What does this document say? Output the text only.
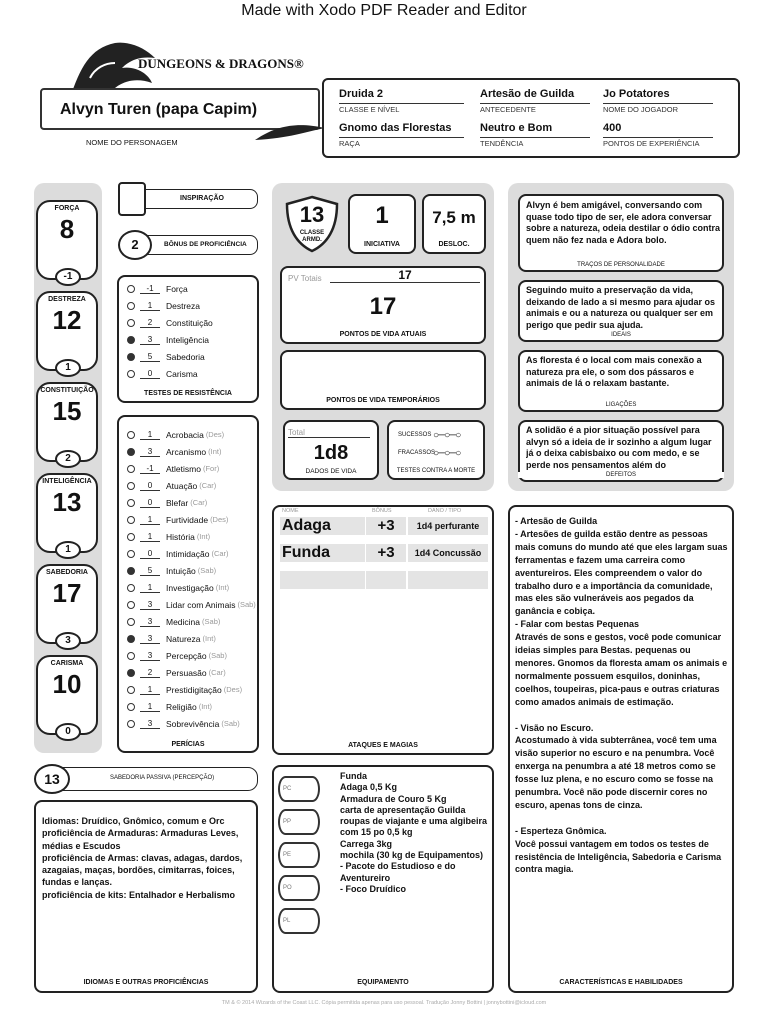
Made with Xodo PDF Reader and Editor
DUNGEONS & DRAGONS®
Alvyn Turen (papa Capim)
NOME DO PERSONAGEM
Druida 2
CLASSE E NÍVEL
Artesão de Guilda
ANTECEDENTE
Jo Potatores
NOME DO JOGADOR
Gnomo das Florestas
RAÇA
Neutro e Bom
TENDÊNCIA
400
PONTOS DE EXPERIÊNCIA
FORÇA
8
-1
DESTREZA
12
1
CONSTITUIÇÃO
15
2
INTELIGÊNCIA
13
1
SABEDORIA
17
3
CARISMA
10
0
INSPIRAÇÃO
2	BÔNUS DE PROFICIÊNCIA
-1	Força
1	Destreza
2	Constituição
3	Inteligência
5	Sabedoria
0	Carisma
TESTES DE RESISTÊNCIA
1	Acrobacia (Des)
3	Arcanismo (Int)
-1	Atletismo (For)
0	Atuação (Car)
0	Blefar (Car)
1	Furtividade (Des)
1	História (Int)
0	Intimidação (Car)
5	Intuição (Sab)
1	Investigação (Int)
3	Lidar com Animais (Sab)
3	Medicina (Sab)
3	Natureza (Int)
3	Percepção (Sab)
2	Persuasão (Car)
1	Prestidigitação (Des)
1	Religião (Int)
3	Sobrevivência (Sab)
PERÍCIAS
13	SABEDORIA PASSIVA (PERCEPÇÃO)
Idiomas: Druídico, Gnômico, comum e Orc
proficiência de Armaduras: Armaduras Leves, médias e Escudos
proficiência de Armas: clavas, adagas, dardos, azagaias, maças, bordões, cimitarras, foices, fundas e lanças.
proficiência de kits: Entalhador e Herbalismo
IDIOMAS E OUTRAS PROFICIÊNCIAS
13
CLASSE ARMD.
1
INICIATIVA
7,5 m
DESLOC.
PV Totais	17
17
PONTOS DE VIDA ATUAIS
PONTOS DE VIDA TEMPORÁRIOS
Total
1d8
DADOS DE VIDA
SUCESSOS ○─○─○
FRACASSOS
○─○─○
TESTES CONTRA A MORTE
NOME	BÔNUS	DANO / TIPO
Adaga	+3	1d4 perfurante
Funda	+3	1d4 Concussão
ATAQUES E MAGIAS
PC
PP
PE
PO
PL
Funda
Adaga 0,5 Kg
Armadura de Couro 5 Kg
carta de apresentação Guilda
roupas de viajante e uma algibeira com 15 po 0,5 kg
Carrega 3kg
mochila (30 kg de Equipamentos)
- Pacote do Estudioso e do Aventureiro
- Foco Druídico
EQUIPAMENTO
Alvyn é bem amigável, conversando com quase todo tipo de ser, ele adora conversar sobre a natureza, odeia destilar o ódio contra quem não fez nada e Adora bolo.
TRAÇOS DE PERSONALIDADE
Seguindo muito a preservação da vida, deixando de lado a si mesmo para ajudar os animais e ou a natureza ou qualquer ser em perigo que pedir sua ajuda.
IDEAIS
As floresta é o local com mais conexão a natureza pra ele, o som dos pássaros e animais de lá o relaxam bastante.
LIGAÇÕES
A solidão é a pior situação possível para alvyn só a ideia de ir sozinho a algum lugar já o deixa cabisbaixo ou com medo, e se perde nos pensamentos além do
DEFEITOS
- Artesão de Guilda
- Artesões de guilda estão dentre as pessoas mais comuns do mundo até que eles largam suas ferramentas e fazem uma carreira como aventureiros. Eles compreendem o valor do trabalho duro e a importância da comunidade, mas eles são vulneráveis aos pegados da ganância e cobiça.
- Falar com bestas Pequenas
Através de sons e gestos, você pode comunicar ideias simples para Bestas. pequenas ou menores. Gnomos da floresta amam os animais e normalmente possuem esquilos, doninhas, coelhos, toupeiras, pica-paus e outras criaturas como amados animais de estimação.

- Visão no Escuro.
Acostumado à vida subterrânea, você tem uma visão superior no escuro e na penumbra. Você enxerga na penumbra a até 18 metros como se fosse luz plena, e no escuro como se fosse na penumbra. Você não pode discernir cores no escuro, apenas tons de cinza.

- Esperteza Gnômica.
Você possui vantagem em todos os testes de resistência de Inteligência, Sabedoria e Carisma contra magia.
CARACTERÍSTICAS E HABILIDADES
TM & © 2014 Wizards of the Coast LLC. Cópia permitida apenas para uso pessoal. Tradução Jonny Bottini | jonnybottini@icloud.com
